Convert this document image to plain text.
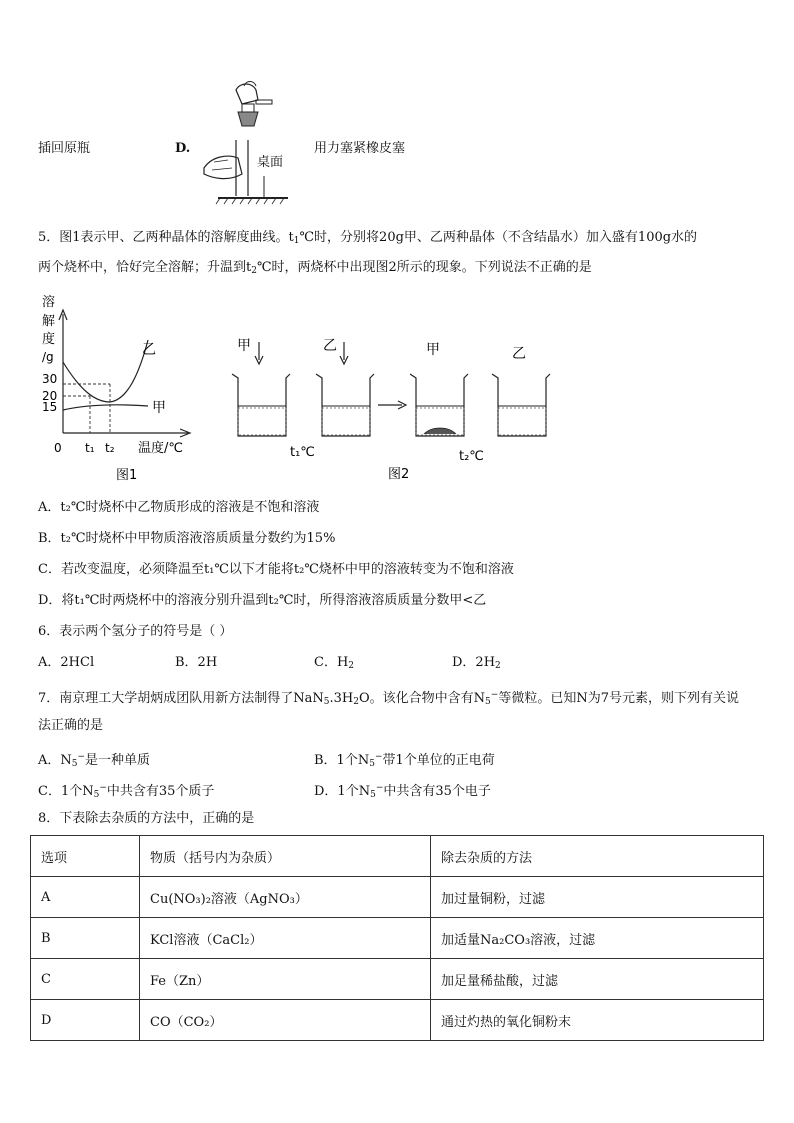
插回原瓶	D.
桌面
用力塞紧橡皮塞
5．图1表示甲、乙两种晶体的溶解度曲线。$t_1℃$时，分别将20g甲、乙两种晶体（不含结晶水）加入盛有100g水的
两个烧杯中，恰好完全溶解；升温到$t_2℃$时，两烧杯中出现图2所示的现象。下列说法不正确的是
溶
解
度
/g
30
20
15
0 t₁ t₂ 温度/℃
乙
甲
图1
甲	乙	甲	乙
t₁℃	t₂℃
图2
A．t₂℃时烧杯中乙物质形成的溶液是不饱和溶液
B．t₂℃时烧杯中甲物质溶液溶质质量分数约为15%
C．若改变温度，必须降温至t₁℃以下才能将t₂℃烧杯中甲的溶液转变为不饱和溶液
D．将t₁℃时两烧杯中的溶液分别升温到t₂℃时，所得溶液溶质质量分数甲<乙
6．表示两个氢分子的符号是（ ）
A．2HCl	B．2H	C．$H_2$	D．$2H_2$
7．南京理工大学胡炳成团队用新方法制得了$NaN_5.3H_2O$。该化合物中含有$N_5^-$等微粒。已知N为7号元素，则下列有关说
法正确的是
A．$N_5^-$是一种单质	B．1个$N_5^-$带1个单位的正电荷
C．1个$N_5^-$中共含有35个质子	D．1个$N_5^-$中共含有35个电子
8．下表除去杂质的方法中，正确的是
选项	物质（括号内为杂质）	除去杂质的方法
A	Cu(NO₃)₂溶液（AgNO₃）	加过量铜粉，过滤
B	KCl溶液（CaCl₂）	加适量Na₂CO₃溶液，过滤
C	Fe（Zn）	加足量稀盐酸，过滤
D	CO（CO₂）	通过灼热的氧化铜粉末
